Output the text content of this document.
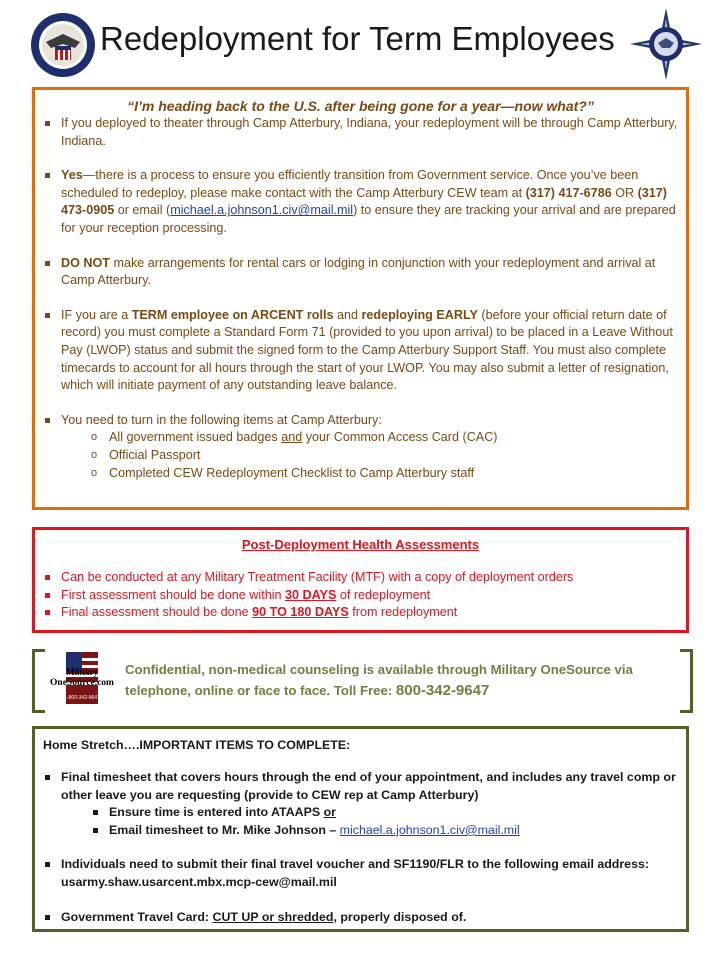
Redeployment for Term Employees
“I’m heading back to the U.S. after being gone for a year—now what?”
If you deployed to theater through Camp Atterbury, Indiana, your redeployment will be through Camp Atterbury, Indiana.
Yes—there is a process to ensure you efficiently transition from Government service. Once you’ve been scheduled to redeploy, please make contact with the Camp Atterbury CEW team at (317) 417-6786 OR (317) 473-0905 or email (michael.a.johnson1.civ@mail.mil) to ensure they are tracking your arrival and are prepared for your reception processing.
DO NOT make arrangements for rental cars or lodging in conjunction with your redeployment and arrival at Camp Atterbury.
IF you are a TERM employee on ARCENT rolls and redeploying EARLY (before your official return date of record) you must complete a Standard Form 71 (provided to you upon arrival) to be placed in a Leave Without Pay (LWOP) status and submit the signed form to the Camp Atterbury Support Staff. You must also complete timecards to account for all hours through the start of your LWOP. You may also submit a letter of resignation, which will initiate payment of any outstanding leave balance.
You need to turn in the following items at Camp Atterbury:
o All government issued badges and your Common Access Card (CAC)
o Official Passport
o Completed CEW Redeployment Checklist to Camp Atterbury staff
Post-Deployment Health Assessments
Can be conducted at any Military Treatment Facility (MTF) with a copy of deployment orders
First assessment should be done within 30 DAYS of redeployment
Final assessment should be done 90 TO 180 DAYS from redeployment
Military
OneSource.com
1-800-342-9647
Confidential, non-medical counseling is available through Military OneSource via telephone, online or face to face. Toll Free: 800-342-9647
Home Stretch….IMPORTANT ITEMS TO COMPLETE:
Final timesheet that covers hours through the end of your appointment, and includes any travel comp or other leave you are requesting (provide to CEW rep at Camp Atterbury)
Ensure time is entered into ATAAPS or
Email timesheet to Mr. Mike Johnson – michael.a.johnson1.civ@mail.mil
Individuals need to submit their final travel voucher and SF1190/FLR to the following email address: usarmy.shaw.usarcent.mbx.mcp-cew@mail.mil
Government Travel Card: CUT UP or shredded, properly disposed of.
